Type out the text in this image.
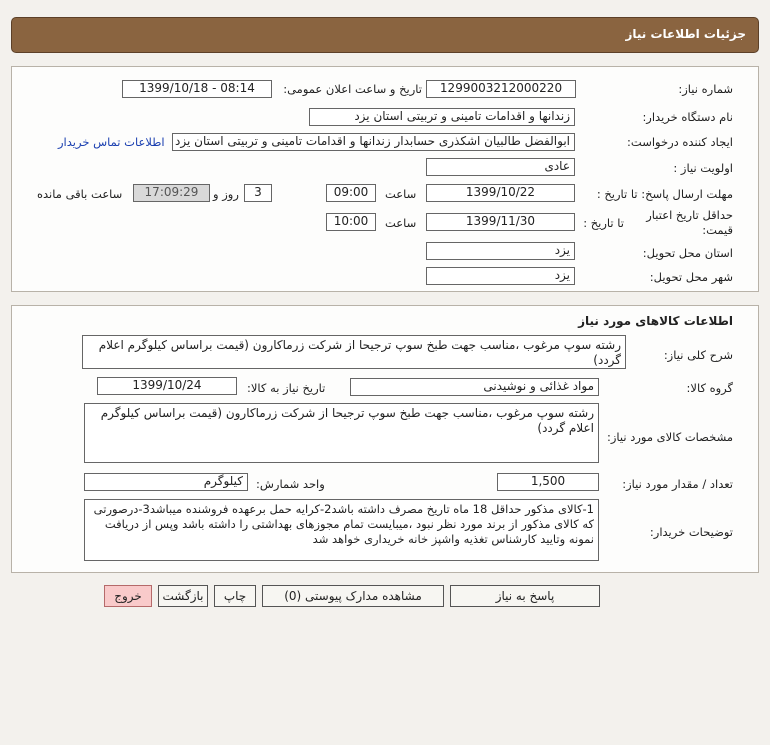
جزئیات اطلاعات نیاز
شماره نیاز:
1299003212000220
تاریخ و ساعت اعلان عمومی:
1399/10/18 - 08:14
نام دستگاه خریدار:
زندانها و اقدامات تامینی و تربیتی استان یزد
ایجاد کننده درخواست:
ابوالفضل طالبیان اشکذری حسابدار زندانها و اقدامات تامینی و تربیتی استان یزد
اطلاعات تماس خریدار
اولویت نیاز :
عادی
مهلت ارسال پاسخ: تا تاریخ :
1399/10/22
ساعت
09:00
3
روز و
17:09:29
ساعت باقی مانده
حداقل تاریخ اعتبار قیمت:
تا تاریخ :
1399/11/30
ساعت
10:00
استان محل تحویل:
یزد
شهر محل تحویل:
یزد
اطلاعات کالاهای مورد نیاز
شرح کلی نیاز:
رشته سوپ مرغوب ،مناسب جهت طبخ سوپ ترجیحا از شرکت زرماکارون (قیمت براساس کیلوگرم اعلام گردد)
گروه کالا:
مواد غذائی و نوشیدنی
تاریخ نیاز به کالا:
1399/10/24
مشخصات کالای مورد نیاز:
رشته سوپ مرغوب ،مناسب جهت طبخ سوپ ترجیحا از شرکت زرماکارون (قیمت براساس کیلوگرم اعلام گردد)
تعداد / مقدار مورد نیاز:
1,500
واحد شمارش:
کیلوگرم
توضیحات خریدار:
1-کالای مذکور حداقل 18 ماه تاریخ مصرف داشته باشد2-کرایه حمل برعهده فروشنده میباشد3-درصورتی که کالای مذکور از برند مورد نظر نبود ،میبایست تمام مجوزهای بهداشتی را داشته باشد وپس از دریافت نمونه وتایید کارشناس تغذیه واشپز خانه خریداری خواهد شد
پاسخ به نیاز
مشاهده مدارک پیوستی (0)
چاپ
بازگشت
خروج
